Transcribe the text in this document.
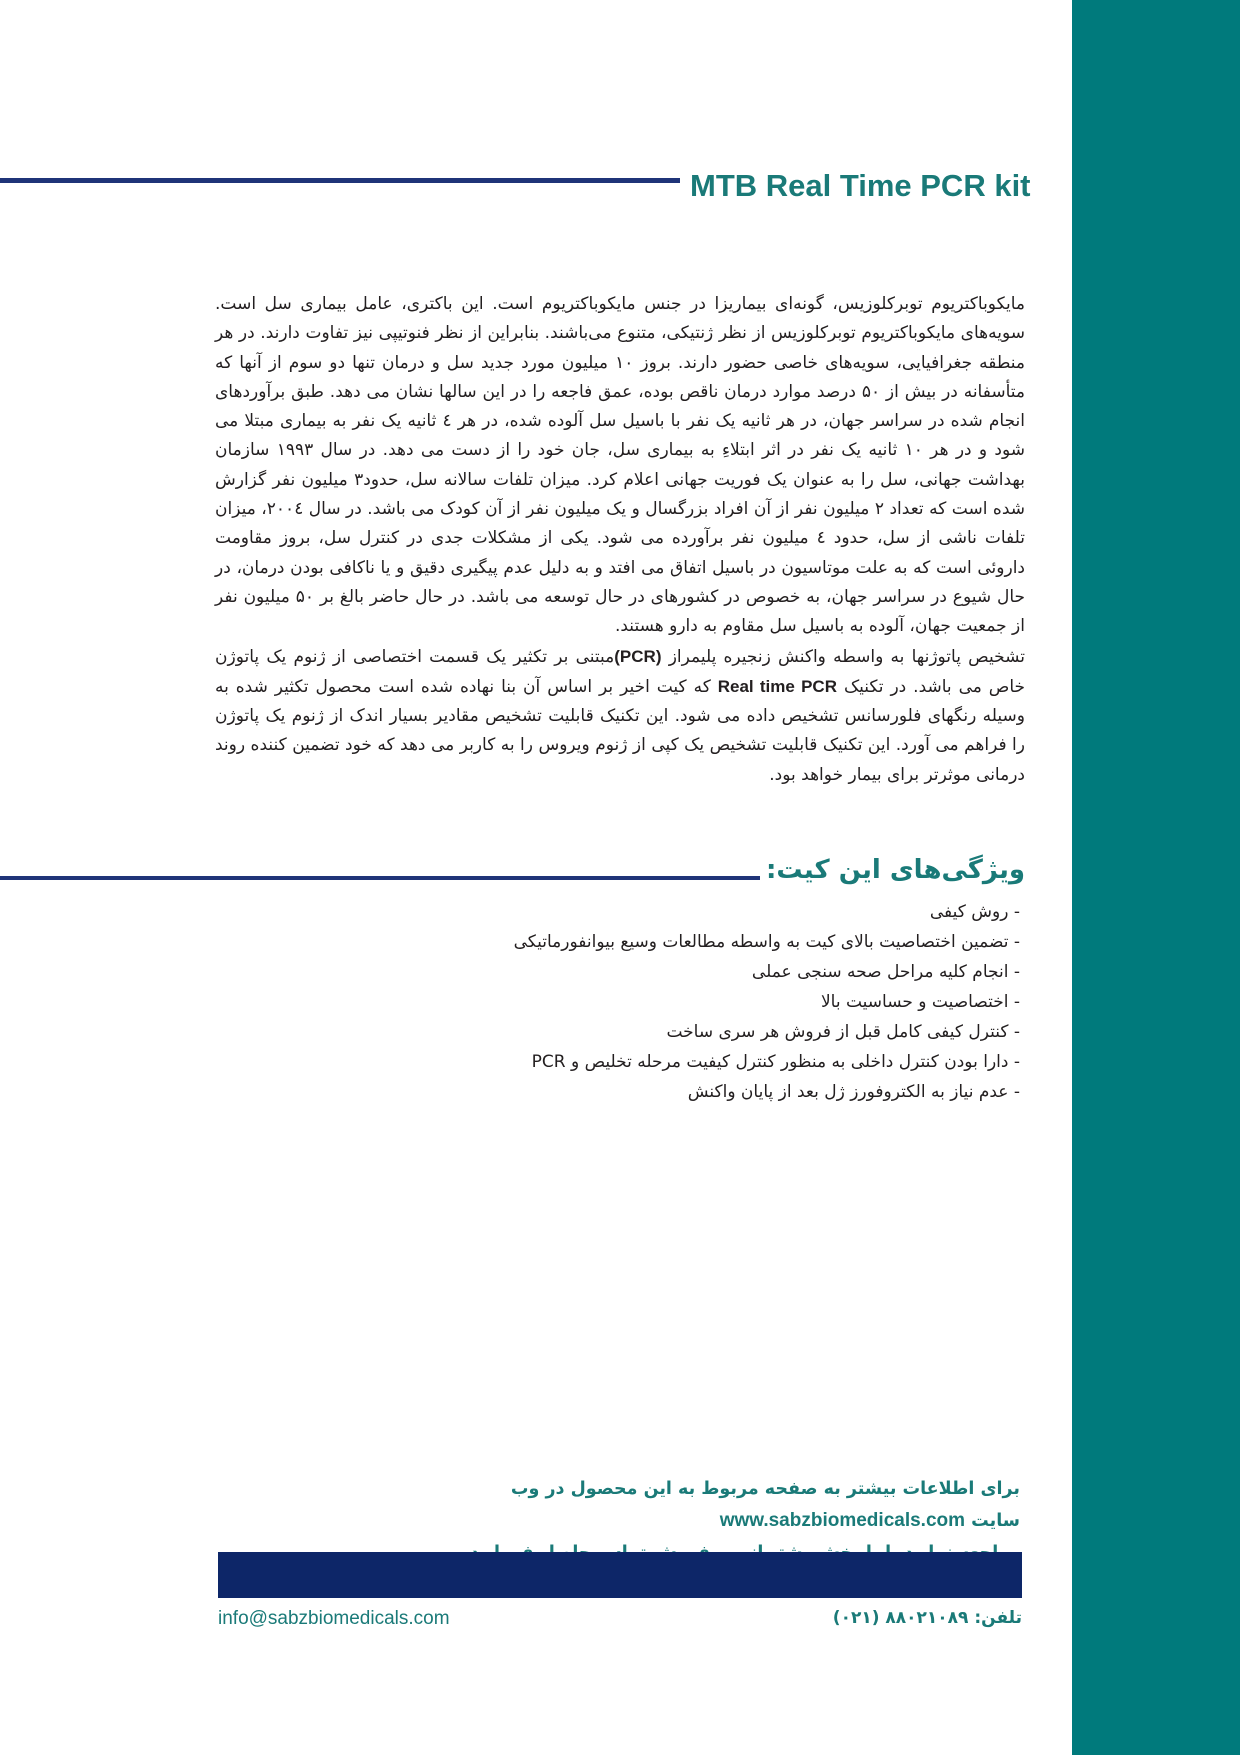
MTB Real Time PCR kit

مایکوباکتریوم توبرکلوزیس، گونه‌ای بیماریزا در جنس مایکوباکتریوم است. این باکتری، عامل بیماری سل است. سویه‌های مایکوباکتریوم توبرکلوزیس از نظر ژنتیکی، متنوع می‌باشند. بنابراین از نظر فنوتیپی نیز تفاوت دارند. در هر منطقه جغرافیایی، سویه‌های خاصی حضور دارند. بروز ۱۰ میلیون مورد جدید سل و درمان تنها دو سوم از آنها که متأسفانه در بیش از ۵۰ درصد موارد درمان ناقص بوده، عمق فاجعه را در این سالها نشان می دهد. طبق برآوردهای انجام شده در سراسر جهان، در هر ثانیه یک نفر با باسیل سل آلوده شده، در هر ٤ ثانیه یک نفر به بیماری مبتلا می شود و در هر ١٠ ثانیه یک نفر در اثر ابتلاءِ به بیماری سل، جان خود را از دست می دهد. در سال ۱۹۹۳ سازمان بهداشت جهانی، سل را به عنوان یک فوریت جهانی اعلام کرد. میزان تلفات سالانه سل، حدود۳ میلیون نفر گزارش شده است که تعداد ۲ میلیون نفر از آن افراد بزرگسال و یک میلیون نفر از آن کودک می باشد. در سال ۲۰۰٤، میزان تلفات ناشی از سل، حدود ٤ میلیون نفر برآورده می شود. یکی از مشکلات جدی در کنترل سل، بروز مقاومت داروئی است که به علت موتاسیون در باسیل اتفاق می افتد و به دلیل عدم پیگیری دقیق و یا ناکافی بودن درمان، در حال شیوع در سراسر جهان، به خصوص در کشورهای در حال توسعه می باشد. در حال حاضر بالغ بر ۵۰ میلیون نفر از جمعیت جهان، آلوده به باسیل سل مقاوم به دارو هستند.

تشخیص پاتوژنها به واسطه واکنش زنجیره پلیمراز (PCR)مبتنی بر تکثیر یک قسمت اختصاصی از ژنوم یک پاتوژن خاص می باشد. در تکنیک Real time PCR که کیت اخیر بر اساس آن بنا نهاده شده است محصول تکثیر شده به وسیله رنگهای فلورسانس تشخیص داده می شود. این تکنیک قابلیت تشخیص مقادیر بسیار اندک از ژنوم یک پاتوژن را فراهم می آورد. این تکنیک قابلیت تشخیص یک کپی از ژنوم ویروس را به کاربر می دهد که خود تضمین کننده روند درمانی موثرتر برای بیمار خواهد بود.

ویژگی‌های این کیت:
- روش کیفی
- تضمین اختصاصیت بالای کیت به واسطه مطالعات وسیع بیوانفورماتیکی
- انجام کلیه مراحل صحه سنجی عملی
- اختصاصیت و حساسیت بالا
- کنترل کیفی کامل قبل از فروش هر سری ساخت
- دارا بودن کنترل داخلی به منظور کنترل کیفیت مرحله تخلیص و PCR
- عدم نیاز به الکتروفورز ژل بعد از پایان واکنش

برای اطلاعات بیشتر به صفحه مربوط به این محصول در وب سایت www.sabzbiomedicals.com

info@sabzbiomedicals.com	تلفن: ۸۸۰۲۱۰۸۹ (۰۲۱)
